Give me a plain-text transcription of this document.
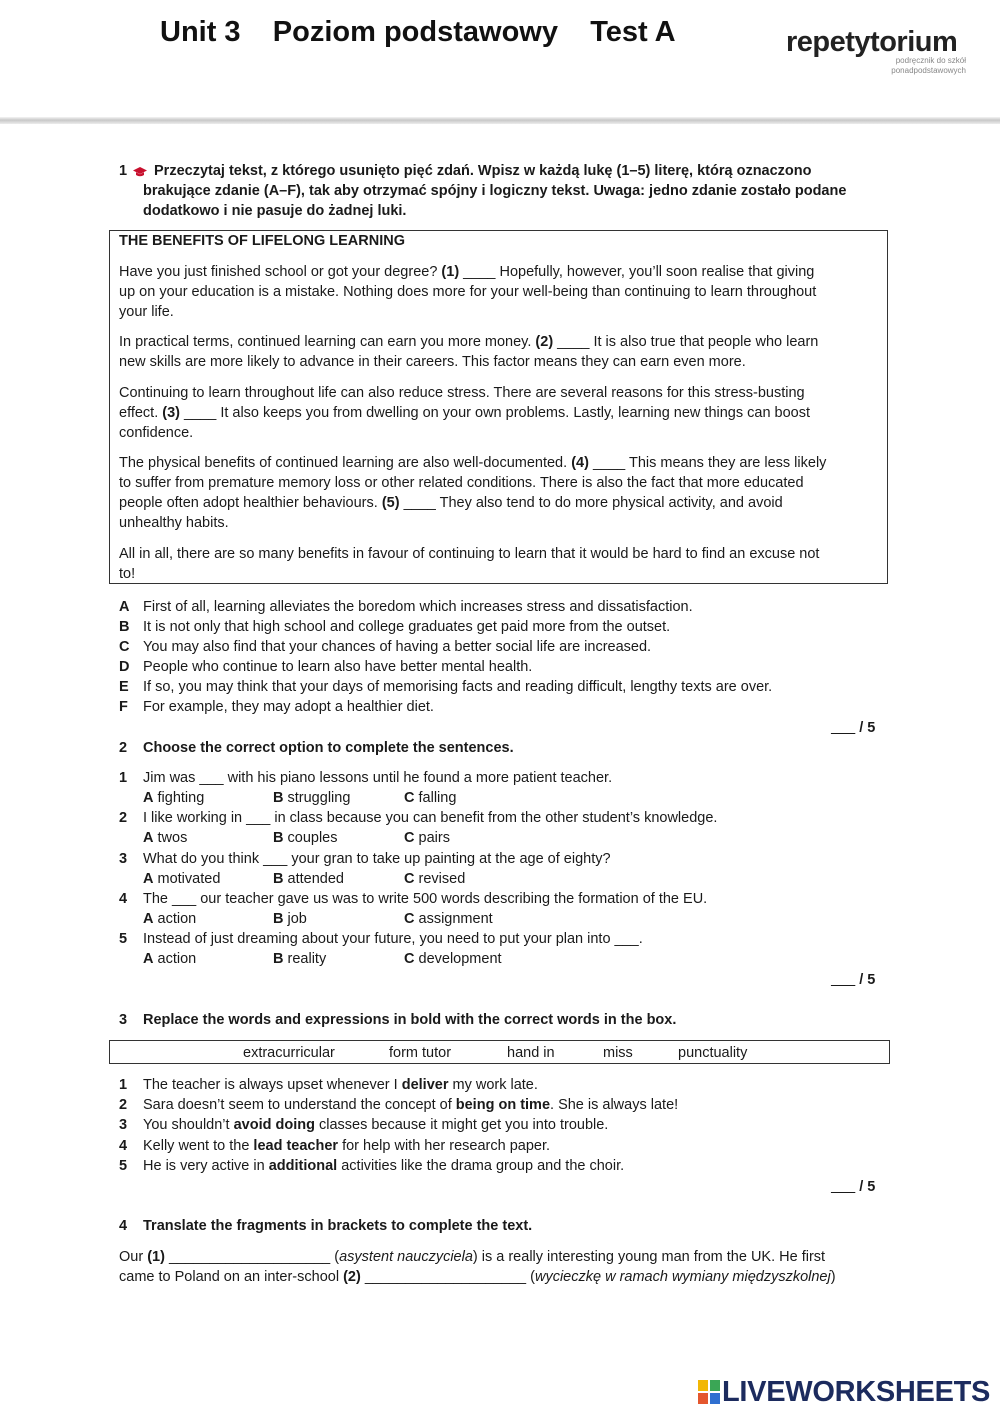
Unit 3    Poziom podstawowy    Test A	repetytorium
podręcznik do szkół
ponadpodstawowych
1 Przeczytaj tekst, z którego usunięto pięć zdań. Wpisz w każdą lukę (1–5) literę, którą oznaczono
brakujące zdanie (A–F), tak aby otrzymać spójny i logiczny tekst. Uwaga: jedno zdanie zostało podane
dodatkowo i nie pasuje do żadnej luki.
THE BENEFITS OF LIFELONG LEARNING
Have you just finished school or got your degree? (1) ____ Hopefully, however, you’ll soon realise that giving
up on your education is a mistake. Nothing does more for your well-being than continuing to learn throughout
your life.
In practical terms, continued learning can earn you more money. (2) ____ It is also true that people who learn
new skills are more likely to advance in their careers. This factor means they can earn even more.
Continuing to learn throughout life can also reduce stress. There are several reasons for this stress-busting
effect. (3) ____ It also keeps you from dwelling on your own problems. Lastly, learning new things can boost
confidence.
The physical benefits of continued learning are also well-documented. (4) ____ This means they are less likely
to suffer from premature memory loss or other related conditions. There is also the fact that more educated
people often adopt healthier behaviours. (5) ____ They also tend to do more physical activity, and avoid
unhealthy habits.
All in all, there are so many benefits in favour of continuing to learn that it would be hard to find an excuse not
to!
A First of all, learning alleviates the boredom which increases stress and dissatisfaction.
B It is not only that high school and college graduates get paid more from the outset.
C You may also find that your chances of having a better social life are increased.
D People who continue to learn also have better mental health.
E If so, you may think that your days of memorising facts and reading difficult, lengthy texts are over.
F For example, they may adopt a healthier diet.
___ / 5
2 Choose the correct option to complete the sentences.
1 Jim was ___ with his piano lessons until he found a more patient teacher.
A fighting	B struggling	C falling
2 I like working in ___ in class because you can benefit from the other student’s knowledge.
A twos	B couples	C pairs
3 What do you think ___ your gran to take up painting at the age of eighty?
A motivated	B attended	C revised
4 The ___ our teacher gave us was to write 500 words describing the formation of the EU.
A action	B job	C assignment
5 Instead of just dreaming about your future, you need to put your plan into ___.
A action	B reality	C development
___ / 5
3 Replace the words and expressions in bold with the correct words in the box.
extracurricular	form tutor	hand in	miss	punctuality
1 The teacher is always upset whenever I deliver my work late.
2 Sara doesn’t seem to understand the concept of being on time. She is always late!
3 You shouldn’t avoid doing classes because it might get you into trouble.
4 Kelly went to the lead teacher for help with her research paper.
5 He is very active in additional activities like the drama group and the choir.
___ / 5
4 Translate the fragments in brackets to complete the text.
Our (1) ____________________ (asystent nauczyciela) is a really interesting young man from the UK. He first
came to Poland on an inter-school (2) ____________________ (wycieczkę w ramach wymiany międzyszkolnej)
LIVEWORKSHEETS
